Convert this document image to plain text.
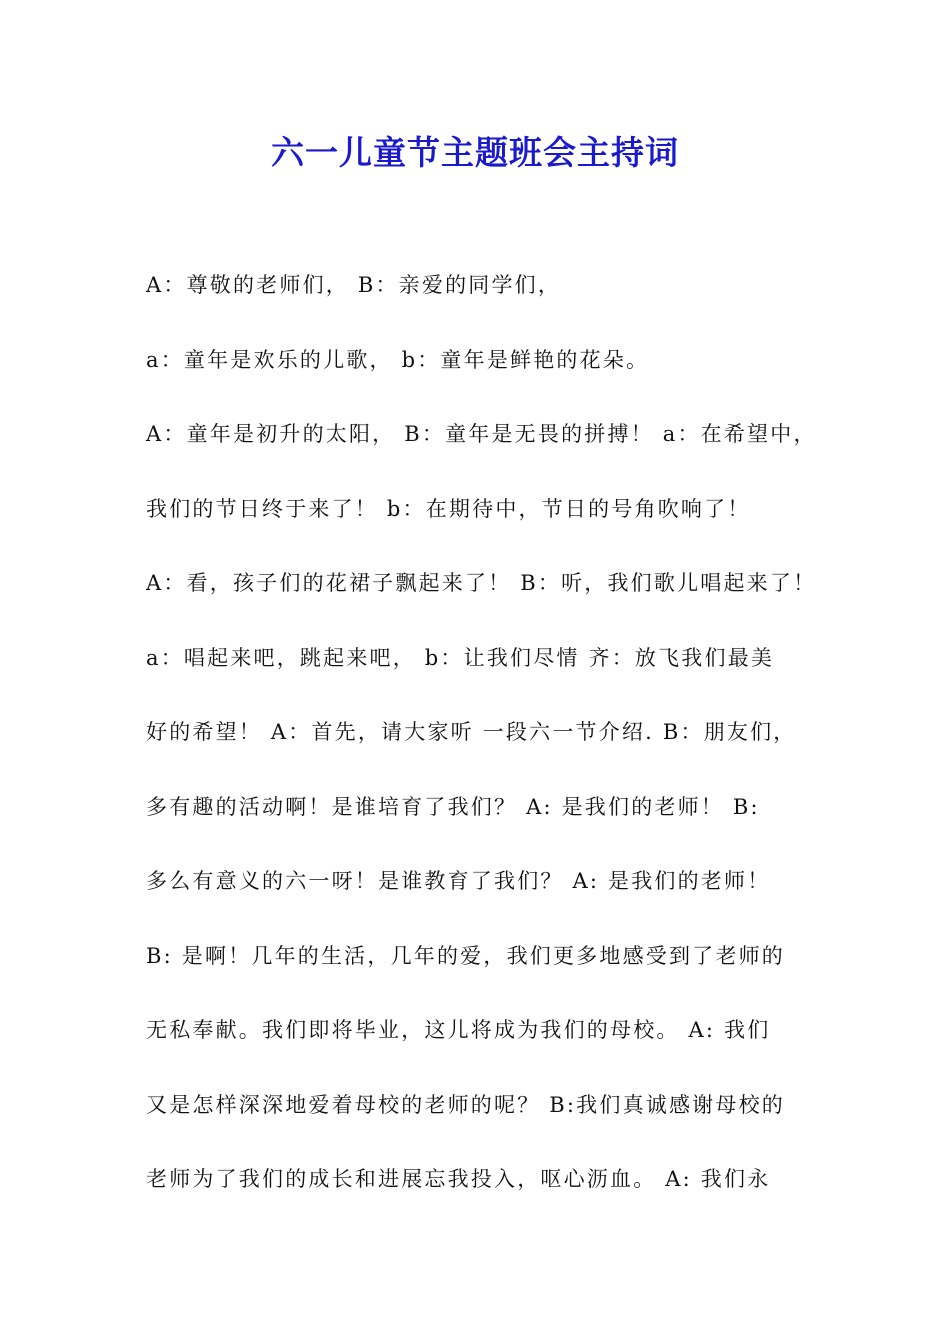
六一儿童节主题班会主持词

A：尊敬的老师们， B：亲爱的同学们，

a：童年是欢乐的儿歌， b：童年是鲜艳的花朵。

A：童年是初升的太阳， B：童年是无畏的拼搏！ a：在希望中，

我们的节日终于来了！ b：在期待中，节日的号角吹响了！

A：看，孩子们的花裙子飘起来了！ B：听，我们歌儿唱起来了！

a：唱起来吧，跳起来吧， b：让我们尽情 齐：放飞我们最美

好的希望！ A：首先，请大家听 一段六一节介绍. B：朋友们，

多有趣的活动啊！是谁培育了我们？ A: 是我们的老师！ B:

多么有意义的六一呀！是谁教育了我们？ A: 是我们的老师！

B: 是啊！几年的生活，几年的爱，我们更多地感受到了老师的

无私奉献。我们即将毕业，这儿将成为我们的母校。 A: 我们

又是怎样深深地爱着母校的老师的呢？ B:我们真诚感谢母校的

老师为了我们的成长和进展忘我投入，呕心沥血。 A: 我们永
